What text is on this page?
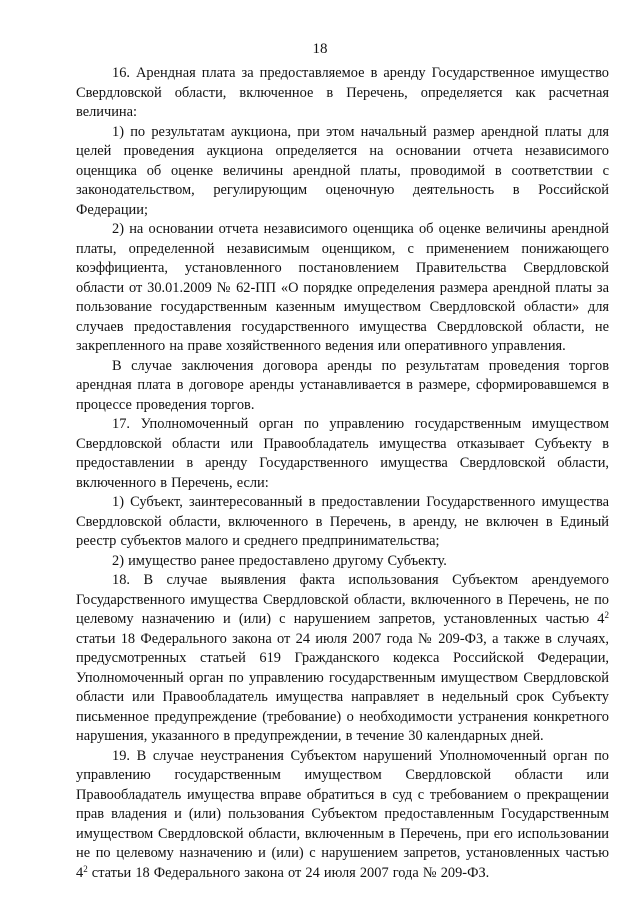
18

16. Арендная плата за предоставляемое в аренду Государственное имущество Свердловской области, включенное в Перечень, определяется как расчетная величина:

1) по результатам аукциона, при этом начальный размер арендной платы для целей проведения аукциона определяется на основании отчета независимого оценщика об оценке величины арендной платы, проводимой в соответствии с законодательством, регулирующим оценочную деятельность в Российской Федерации;

2) на основании отчета независимого оценщика об оценке величины арендной платы, определенной независимым оценщиком, с применением понижающего коэффициента, установленного постановлением Правительства Свердловской области от 30.01.2009 № 62-ПП «О порядке определения размера арендной платы за пользование государственным казенным имуществом Свердловской области» для случаев предоставления государственного имущества Свердловской области, не закрепленного на праве хозяйственного ведения или оперативного управления.

В случае заключения договора аренды по результатам проведения торгов арендная плата в договоре аренды устанавливается в размере, сформировавшемся в процессе проведения торгов.

17. Уполномоченный орган по управлению государственным имуществом Свердловской области или Правообладатель имущества отказывает Субъекту в предоставлении в аренду Государственного имущества Свердловской области, включенного в Перечень, если:

1) Субъект, заинтересованный в предоставлении Государственного имущества Свердловской области, включенного в Перечень, в аренду, не включен в Единый реестр субъектов малого и среднего предпринимательства;

2) имущество ранее предоставлено другому Субъекту.

18. В случае выявления факта использования Субъектом арендуемого Государственного имущества Свердловской области, включенного в Перечень, не по целевому назначению и (или) с нарушением запретов, установленных частью $4^2$ статьи 18 Федерального закона от 24 июля 2007 года № 209-ФЗ, а также в случаях, предусмотренных статьей 619 Гражданского кодекса Российской Федерации, Уполномоченный орган по управлению государственным имуществом Свердловской области или Правообладатель имущества направляет в недельный срок Субъекту письменное предупреждение (требование) о необходимости устранения конкретного нарушения, указанного в предупреждении, в течение 30 календарных дней.

19. В случае неустранения Субъектом нарушений Уполномоченный орган по управлению государственным имуществом Свердловской области или Правообладатель имущества вправе обратиться в суд с требованием о прекращении прав владения и (или) пользования Субъектом предоставленным Государственным имуществом Свердловской области, включенным в Перечень, при его использовании не по целевому назначению и (или) с нарушением запретов, установленных частью $4^2$ статьи 18 Федерального закона от 24 июля 2007 года № 209-ФЗ.
